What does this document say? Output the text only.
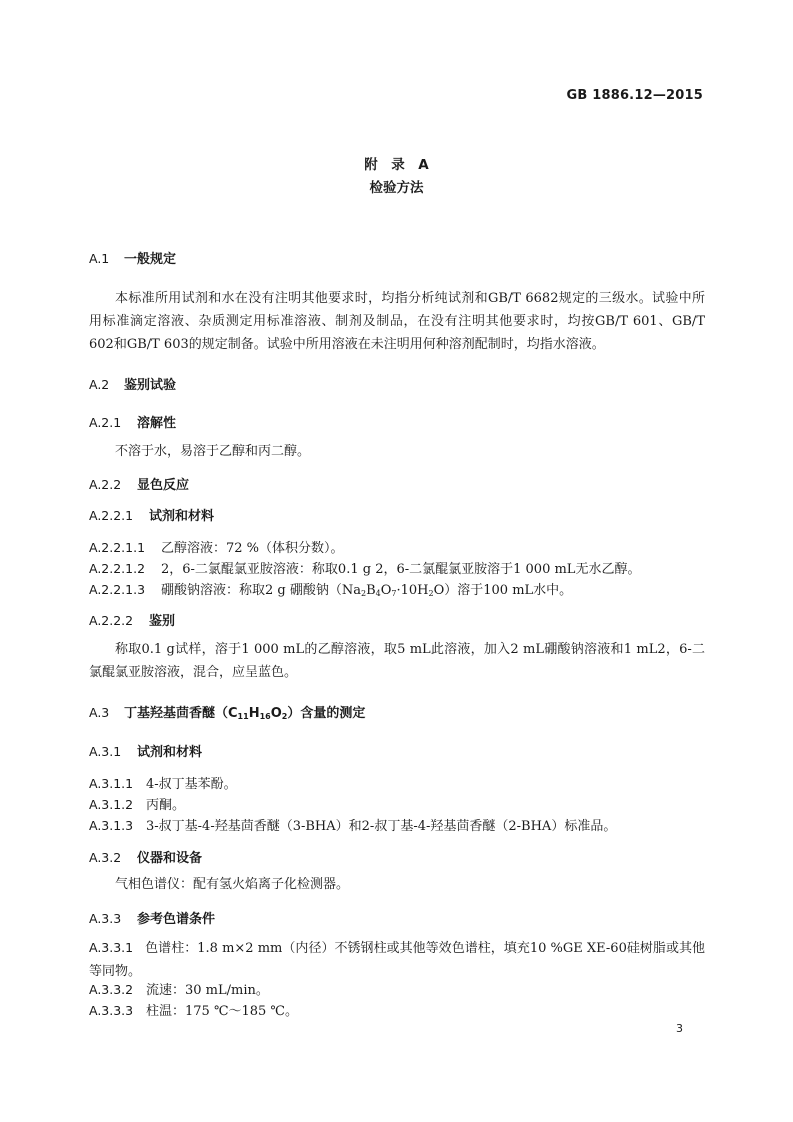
GB 1886.12—2015
附　录　A
检验方法
A.1 一般规定
本标准所用试剂和水在没有注明其他要求时，均指分析纯试剂和GB/T 6682规定的三级水。试验中所用标准滴定溶液、杂质测定用标准溶液、制剂及制品，在没有注明其他要求时，均按GB/T 601、GB/T 602和GB/T 603的规定制备。试验中所用溶液在未注明用何种溶剂配制时，均指水溶液。
A.2 鉴别试验
A.2.1 溶解性
不溶于水，易溶于乙醇和丙二醇。
A.2.2 显色反应
A.2.2.1 试剂和材料
A.2.2.1.1 乙醇溶液：72 %（体积分数）。
A.2.2.1.2 2，6-二氯醌氯亚胺溶液：称取0.1 g 2，6-二氯醌氯亚胺溶于1 000 mL无水乙醇。
A.2.2.1.3 硼酸钠溶液：称取2 g 硼酸钠$(Na_2B_4O_7\cdot 10H_2O)$溶于100 mL水中。
A.2.2.2 鉴别
称取0.1 g试样，溶于1 000 mL的乙醇溶液，取5 mL此溶液，加入2 mL硼酸钠溶液和1 mL2，6-二氯醌氯亚胺溶液，混合，应呈蓝色。
A.3 丁基羟基茴香醚$(C_{11}H_{16}O_2)$含量的测定
A.3.1 试剂和材料
A.3.1.1 4-叔丁基苯酚。
A.3.1.2 丙酮。
A.3.1.3 3-叔丁基-4-羟基茴香醚（3-BHA）和2-叔丁基-4-羟基茴香醚（2-BHA）标准品。
A.3.2 仪器和设备
气相色谱仪：配有氢火焰离子化检测器。
A.3.3 参考色谱条件
A.3.3.1 色谱柱：1.8 m×2 mm（内径）不锈钢柱或其他等效色谱柱，填充10 %GE XE-60硅树脂或其他等同物。
A.3.3.2 流速：30 mL/min。
A.3.3.3 柱温：175 ℃～185 ℃。
3
